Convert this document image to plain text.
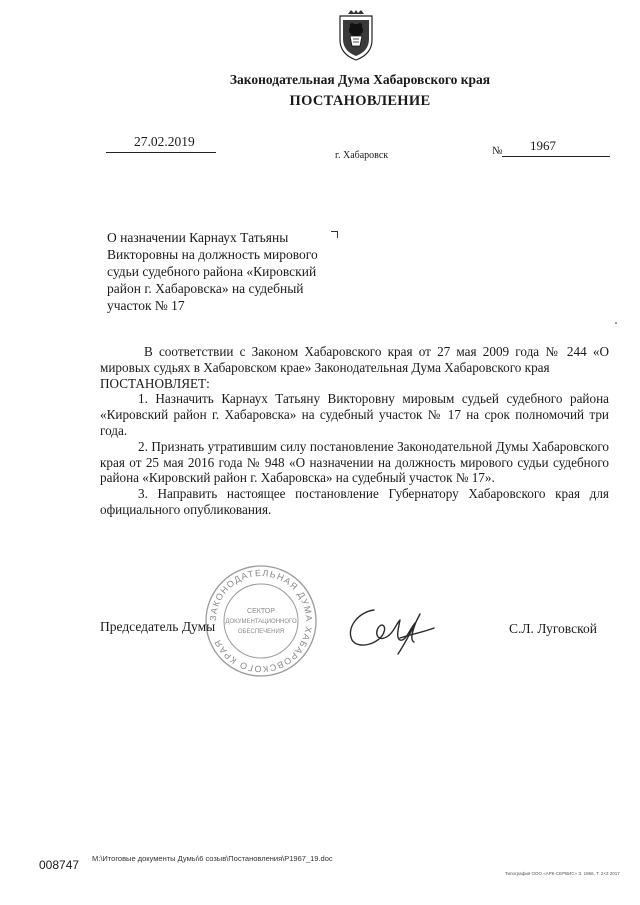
Законодательная Дума Хабаровского края
ПОСТАНОВЛЕНИЕ
27.02.2019
г. Хабаровск	№ 1967
О назначении Карнаух Татьяны
Викторовны на должность мирового
судьи судебного района «Кировский
район г. Хабаровска» на судебный
участок № 17

В соответствии с Законом Хабаровского края от 27 мая 2009 года № 244 «О мировых судьях в Хабаровском крае» Законодательная Дума Хабаровского края

ПОСТАНОВЛЯЕТ:

1. Назначить Карнаух Татьяну Викторовну мировым судьей судебного района «Кировский район г. Хабаровска» на судебный участок № 17 на срок полномочий три года.

2. Признать утратившим силу постановление Законодательной Думы Хабаровского края от 25 мая 2016 года № 948 «О назначении на должность мирового судьи судебного района «Кировский район г. Хабаровска» на судебный участок № 17».

3. Направить настоящее постановление Губернатору Хабаровского края для официального опубликования.

ЗАКОНОДАТЕЛЬНАЯ ДУМА ХАБАРОВСКОГО КРАЯ
СЕКТОР
ДОКУМЕНТАЦИОННОГО
ОБЕСПЕЧЕНИЯ
Председатель Думы	С.Л. Луговской
008747 M:\Итоговые документы Думы\6 созыв\Постановления\P1967_19.doc
Типография ООО «АРК-СЕРВИС» З. 1966, Т. 2×3 2017
